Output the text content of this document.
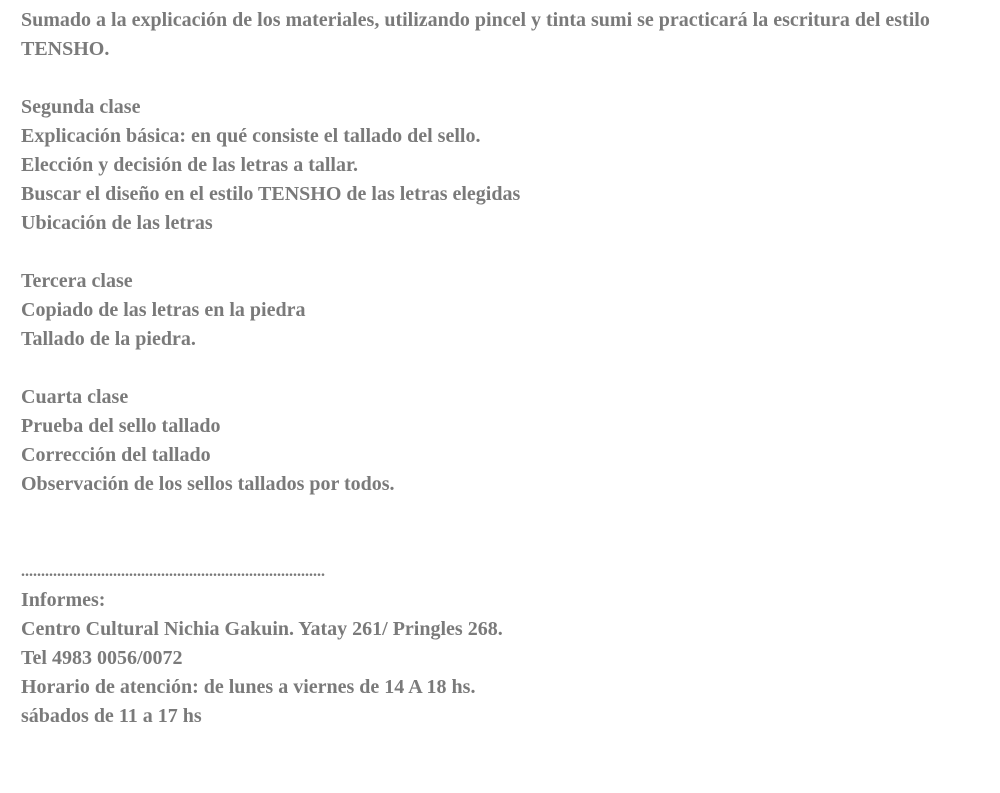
Sumado a la explicación de los materiales, utilizando pincel y tinta sumi se practicará la escritura del estilo TENSHO.
Segunda clase
Explicación básica: en qué consiste el tallado del sello.
Elección y decisión de las letras a tallar.
Buscar el diseño en el estilo TENSHO de las letras elegidas
Ubicación de las letras
Tercera clase
Copiado de las letras en la piedra
Tallado de la piedra.
Cuarta clase
Prueba del sello tallado
Corrección del tallado
Observación de los sellos tallados por todos.
............................................................................
Informes:
Centro Cultural Nichia Gakuin. Yatay 261/ Pringles 268.
Tel 4983 0056/0072
Horario de atención: de lunes a viernes de 14 A 18 hs.
sábados de 11 a 17 hs
